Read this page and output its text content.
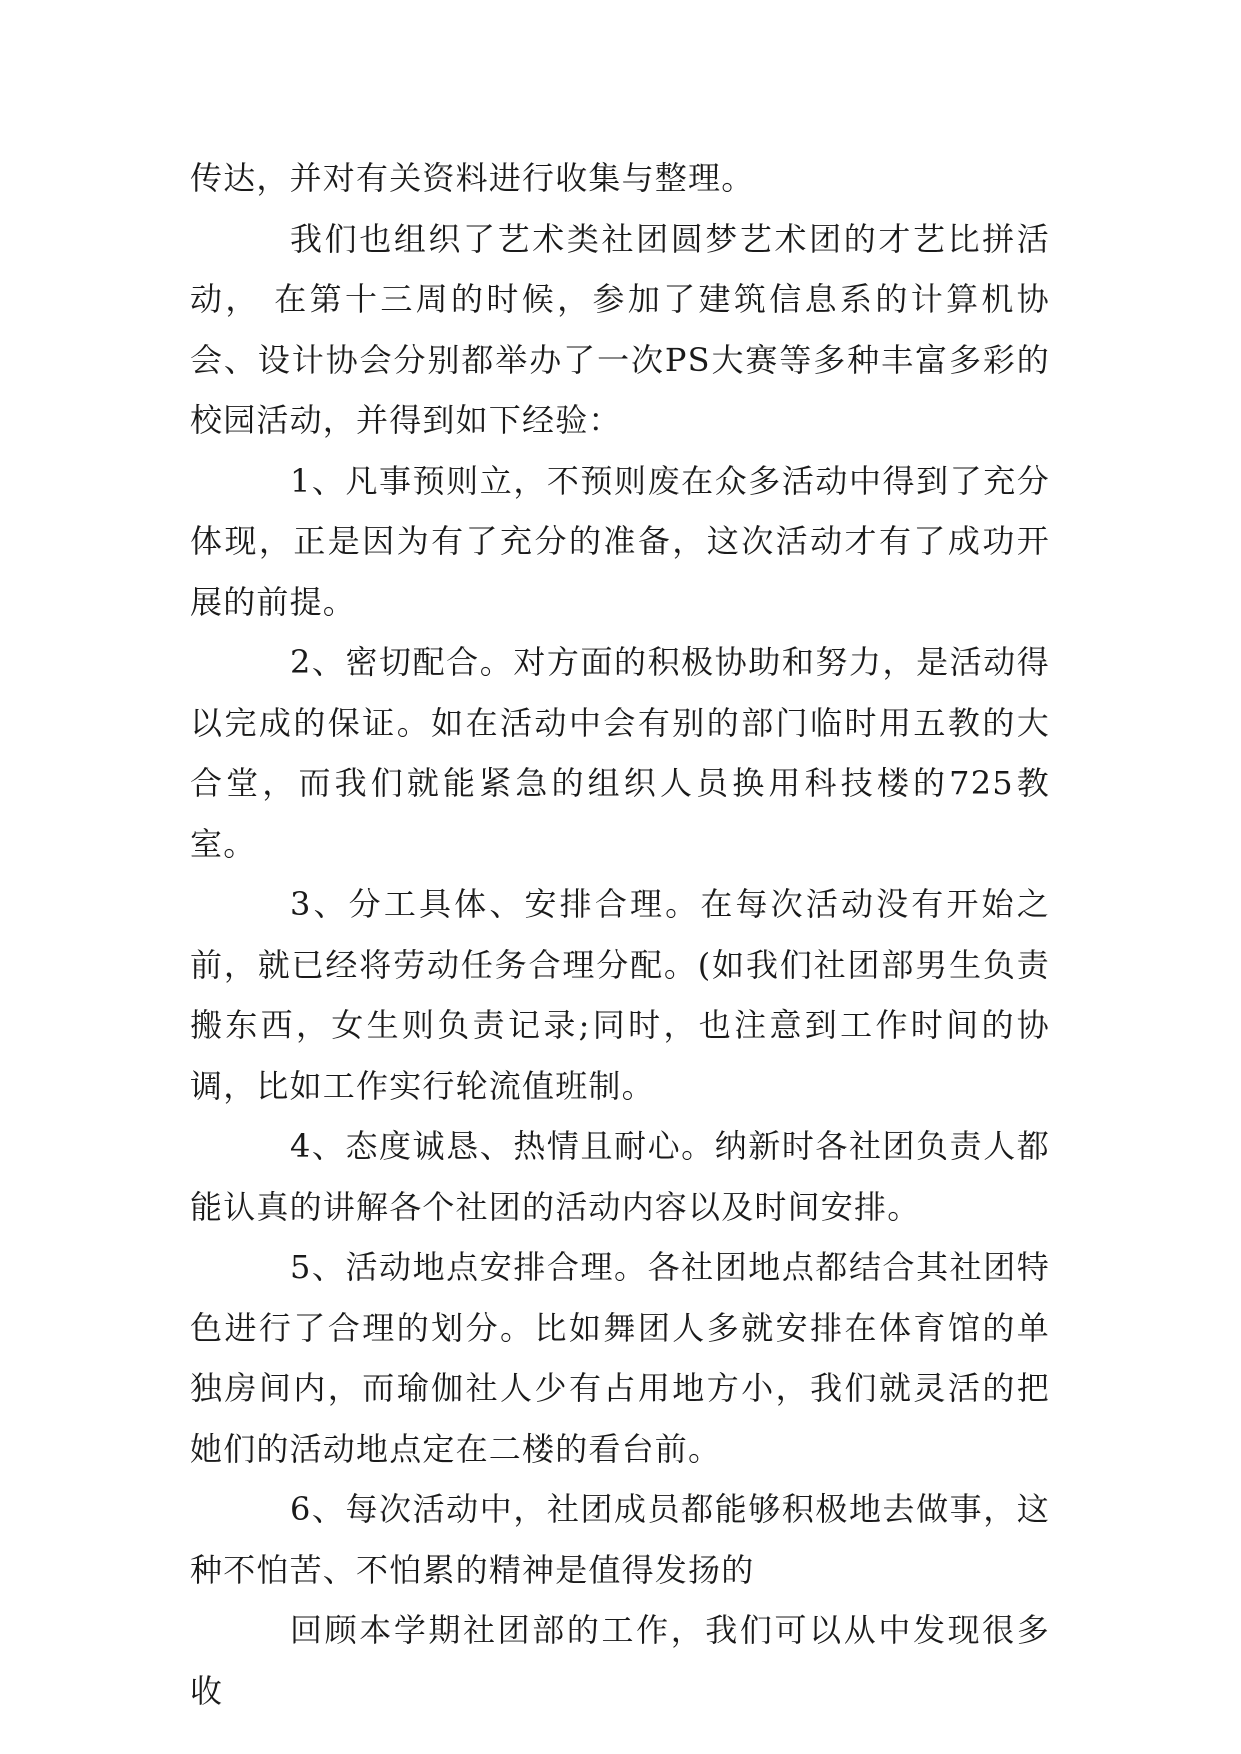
传达，并对有关资料进行收集与整理。

我们也组织了艺术类社团圆梦艺术团的才艺比拼活动， 在第十三周的时候，参加了建筑信息系的计算机协会、设计协会分别都举办了一次PS大赛等多种丰富多彩的校园活动，并得到如下经验：

1、凡事预则立，不预则废在众多活动中得到了充分体现，正是因为有了充分的准备，这次活动才有了成功开展的前提。

2、密切配合。对方面的积极协助和努力，是活动得以完成的保证。如在活动中会有别的部门临时用五教的大合堂，而我们就能紧急的组织人员换用科技楼的725教室。

3、分工具体、安排合理。在每次活动没有开始之前，就已经将劳动任务合理分配。(如我们社团部男生负责搬东西，女生则负责记录;同时，也注意到工作时间的协调，比如工作实行轮流值班制。

4、态度诚恳、热情且耐心。纳新时各社团负责人都能认真的讲解各个社团的活动内容以及时间安排。

5、活动地点安排合理。各社团地点都结合其社团特色进行了合理的划分。比如舞团人多就安排在体育馆的单独房间内，而瑜伽社人少有占用地方小，我们就灵活的把她们的活动地点定在二楼的看台前。

6、每次活动中，社团成员都能够积极地去做事，这种不怕苦、不怕累的精神是值得发扬的

回顾本学期社团部的工作，我们可以从中发现很多收
